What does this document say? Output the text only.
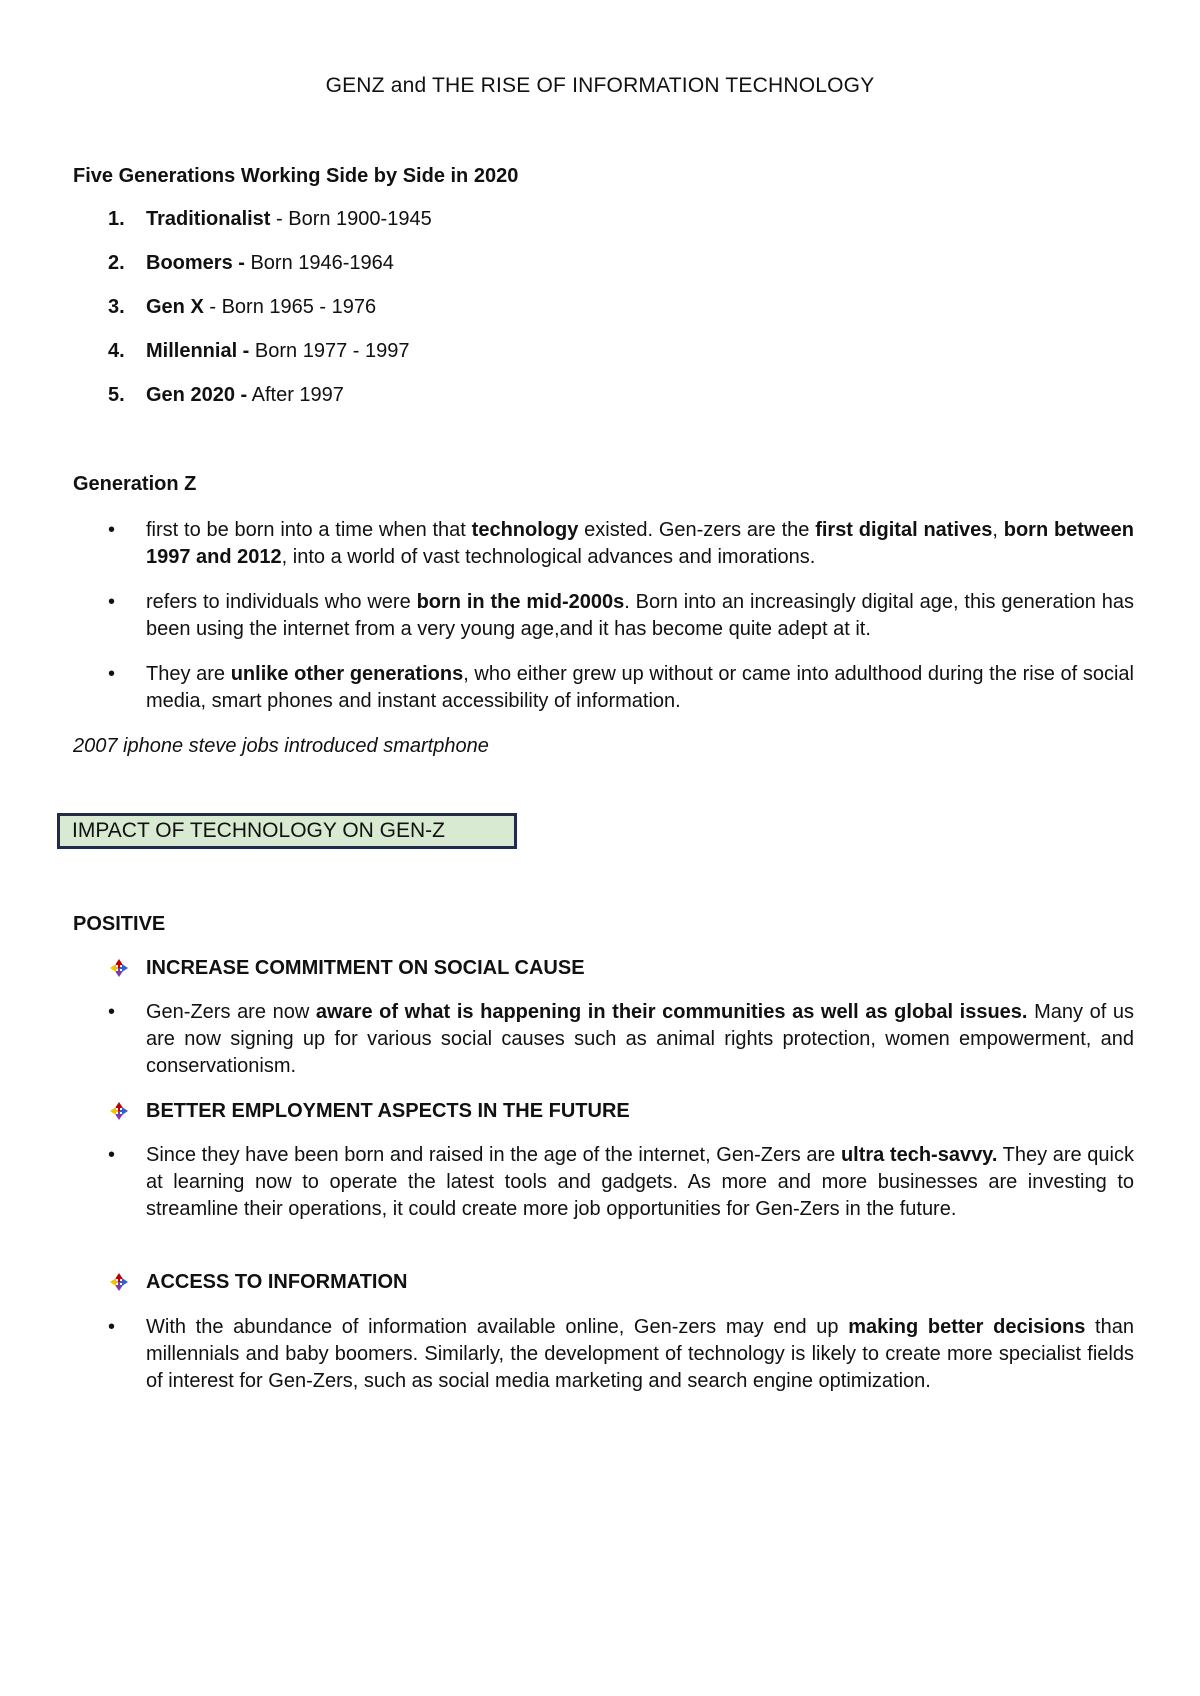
GENZ and THE RISE OF INFORMATION TECHNOLOGY
Five Generations Working Side by Side in 2020
1. Traditionalist - Born 1900-1945
2. Boomers - Born 1946-1964
3. Gen X - Born 1965 - 1976
4. Millennial - Born 1977 - 1997
5. Gen 2020 - After 1997
Generation Z
• first to be born into a time when that technology existed. Gen-zers are the first digital natives, born between 1997 and 2012, into a world of vast technological advances and imorations.
• refers to individuals who were born in the mid-2000s. Born into an increasingly digital age, this generation has been using the internet from a very young age,and it has become quite adept at it.
• They are unlike other generations, who either grew up without or came into adulthood during the rise of social media, smart phones and instant accessibility of information.
2007 iphone steve jobs introduced smartphone
IMPACT OF TECHNOLOGY ON GEN-Z
POSITIVE
INCREASE COMMITMENT ON SOCIAL CAUSE
• Gen-Zers are now aware of what is happening in their communities as well as global issues. Many of us are now signing up for various social causes such as animal rights protection, women empowerment, and conservationism.
BETTER EMPLOYMENT ASPECTS IN THE FUTURE
• Since they have been born and raised in the age of the internet, Gen-Zers are ultra tech-savvy. They are quick at learning now to operate the latest tools and gadgets. As more and more businesses are investing to streamline their operations, it could create more job opportunities for Gen-Zers in the future.
ACCESS TO INFORMATION
• With the abundance of information available online, Gen-zers may end up making better decisions than millennials and baby boomers. Similarly, the development of technology is likely to create more specialist fields of interest for Gen-Zers, such as social media marketing and search engine optimization.
